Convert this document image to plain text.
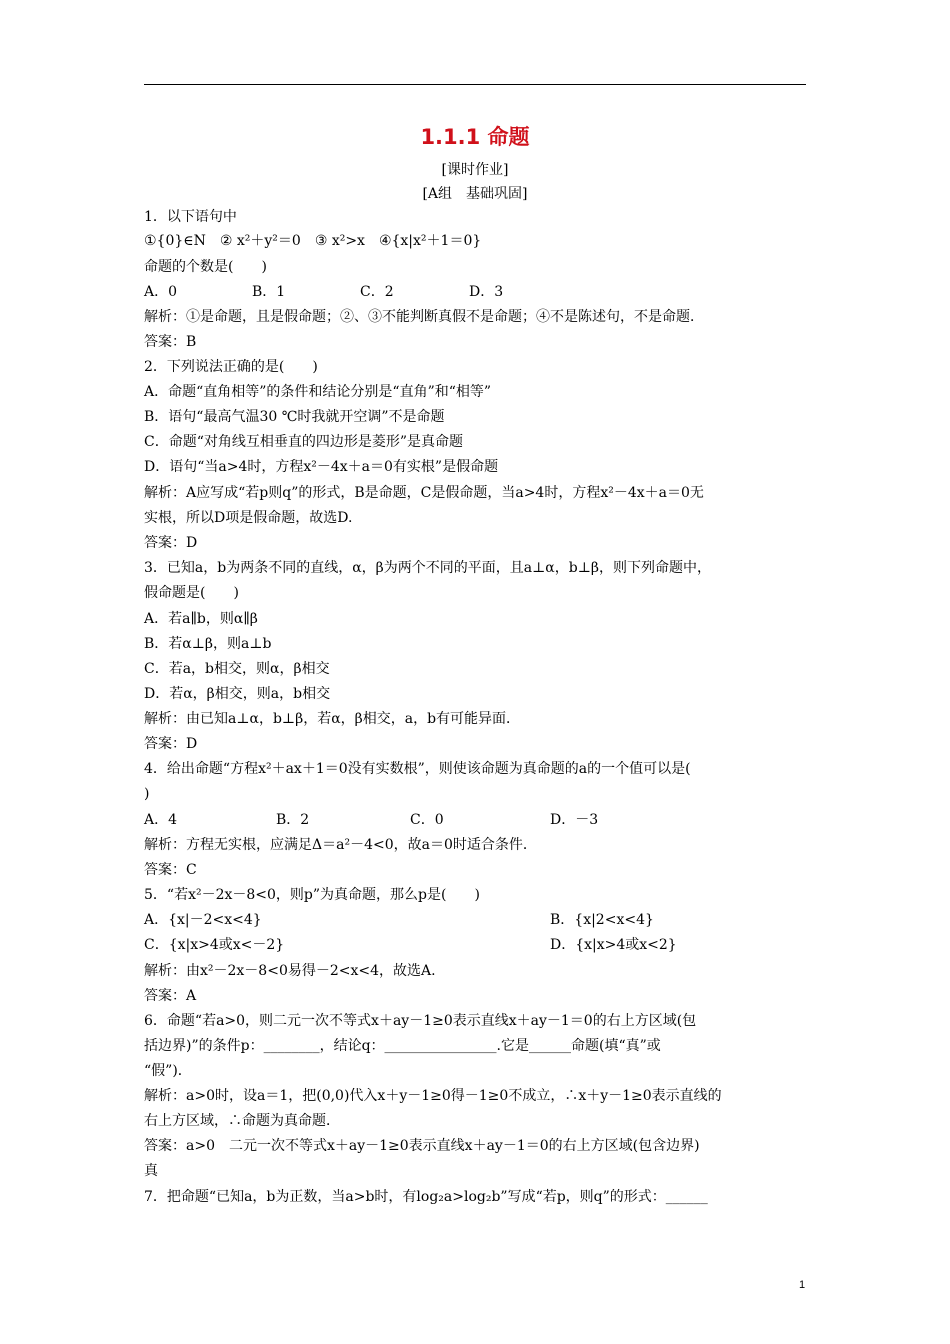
1.1.1 命题
[课时作业]
[A组　基础巩固]
1．以下语句中
①{0}∈N　② x²＋y²＝0　③ x²>x　④{x|x²＋1＝0}
命题的个数是(　　)
解析：①是命题，且是假命题；②、③不能判断真假不是命题；④不是陈述句，不是命题．
答案：B
2．下列说法正确的是(　　)
A．命题“直角相等”的条件和结论分别是“直角”和“相等”
B．语句“最高气温30 ℃时我就开空调”不是命题
C．命题“对角线互相垂直的四边形是菱形”是真命题
D．语句“当a>4时，方程x²－4x＋a＝0有实根”是假命题
解析：A应写成“若p则q”的形式，B是命题，C是假命题，当a>4时，方程x²－4x＋a＝0无
实根，所以D项是假命题，故选D.
答案：D
3．已知a，b为两条不同的直线，α，β为两个不同的平面，且a⊥α，b⊥β，则下列命题中，
假命题是(　　)
A．若a∥b，则α∥β
B．若α⊥β，则a⊥b
C．若a，b相交，则α，β相交
D．若α，β相交，则a，b相交
解析：由已知a⊥α，b⊥β，若α，β相交，a，b有可能异面．
答案：D
4．给出命题“方程x²＋ax＋1＝0没有实数根”，则使该命题为真命题的a的一个值可以是(
)
解析：方程无实根，应满足Δ＝a²－4<0，故a＝0时适合条件．
答案：C
5．“若x²－2x－8<0，则p”为真命题，那么p是(　　)
解析：由x²－2x－8<0易得－2<x<4，故选A.
答案：A
6．命题“若a>0，则二元一次不等式x＋ay－1≥0表示直线x＋ay－1＝0的右上方区域(包
括边界)”的条件p：________，结论q：________________.它是______命题(填“真”或
“假”)．
解析：a>0时，设a＝1，把(0,0)代入x＋y－1≥0得－1≥0不成立，∴x＋y－1≥0表示直线的
右上方区域，∴命题为真命题．
答案：a>0　二元一次不等式x＋ay－1≥0表示直线x＋ay－1＝0的右上方区域(包含边界)
真
7．把命题“已知a，b为正数，当a>b时，有log₂a>log₂b”写成“若p，则q”的形式：______
A．0	B．1	C．2	D．3
A．4	B．2	C．0	D．－3
A．{x|－2<x<4}	B．{x|2<x<4}
C．{x|x>4或x<－2}	D．{x|x>4或x<2}
1
